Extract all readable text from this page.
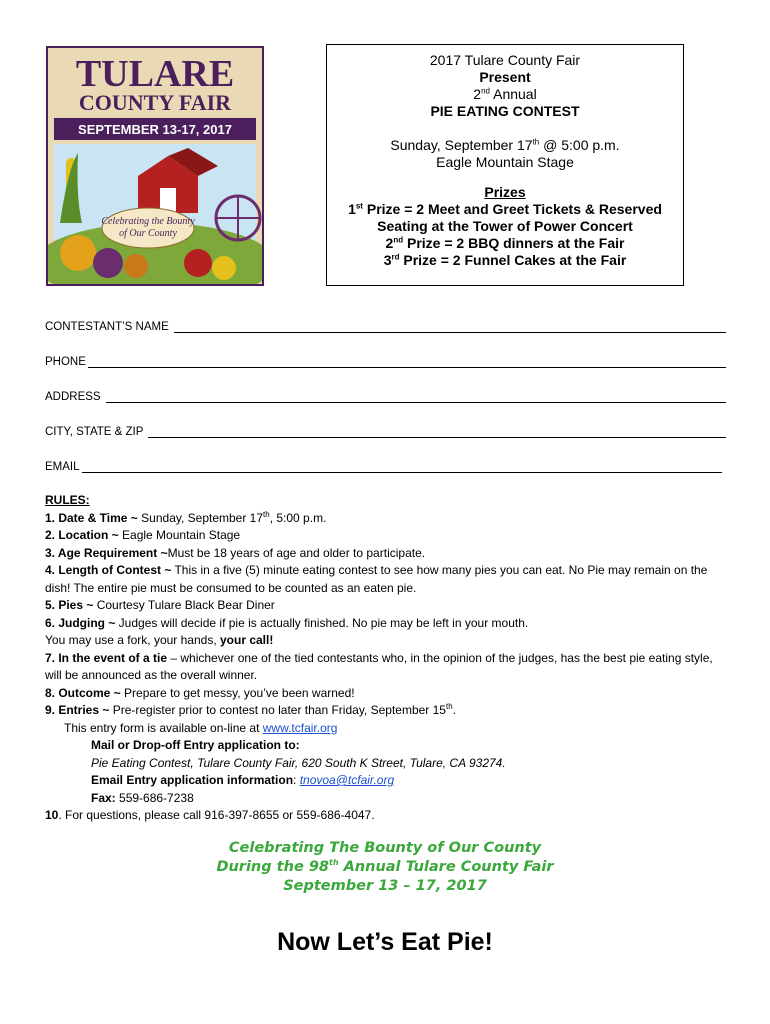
TULARE
COUNTY FAIR
SEPTEMBER 13-17, 2017
Celebrating the Bounty
of Our County

2017 Tulare County Fair

Present

2nd Annual

PIE EATING CONTEST

Sunday, September 17th @ 5:00 p.m.

Eagle Mountain Stage

Prizes

1st Prize = 2 Meet and Greet Tickets & Reserved

Seating at the Tower of Power Concert

2nd Prize = 2 BBQ dinners at the Fair

3rd Prize = 2 Funnel Cakes at the Fair

CONTESTANT’S NAME
PHONE
ADDRESS
CITY, STATE & ZIP
EMAIL

RULES:

1. Date & Time ~ Sunday, September 17th, 5:00 p.m.

2. Location ~ Eagle Mountain Stage

3. Age Requirement ~Must be 18 years of age and older to participate.

4. Length of Contest ~ This in a five (5) minute eating contest to see how many pies you can eat. No Pie may remain on the dish! The entire pie must be consumed to be counted as an eaten pie.

5. Pies ~ Courtesy Tulare Black Bear Diner

6. Judging ~ Judges will decide if pie is actually finished. No pie may be left in your mouth.

You may use a fork, your hands, your call!

7. In the event of a tie – whichever one of the tied contestants who, in the opinion of the judges, has the best pie eating style, will be announced as the overall winner.

8. Outcome ~ Prepare to get messy, you’ve been warned!

9. Entries ~ Pre-register prior to contest no later than Friday, September 15th.

This entry form is available on-line at www.tcfair.org

Mail or Drop-off Entry application to:

Pie Eating Contest, Tulare County Fair, 620 South K Street, Tulare, CA 93274.

Email Entry application information: tnovoa@tcfair.org

Fax: 559-686-7238

10. For questions, please call 916-397-8655 or 559-686-4047.

Celebrating The Bounty of Our County

During the 98th Annual Tulare County Fair

September 13 – 17, 2017

Now Let’s Eat Pie!
